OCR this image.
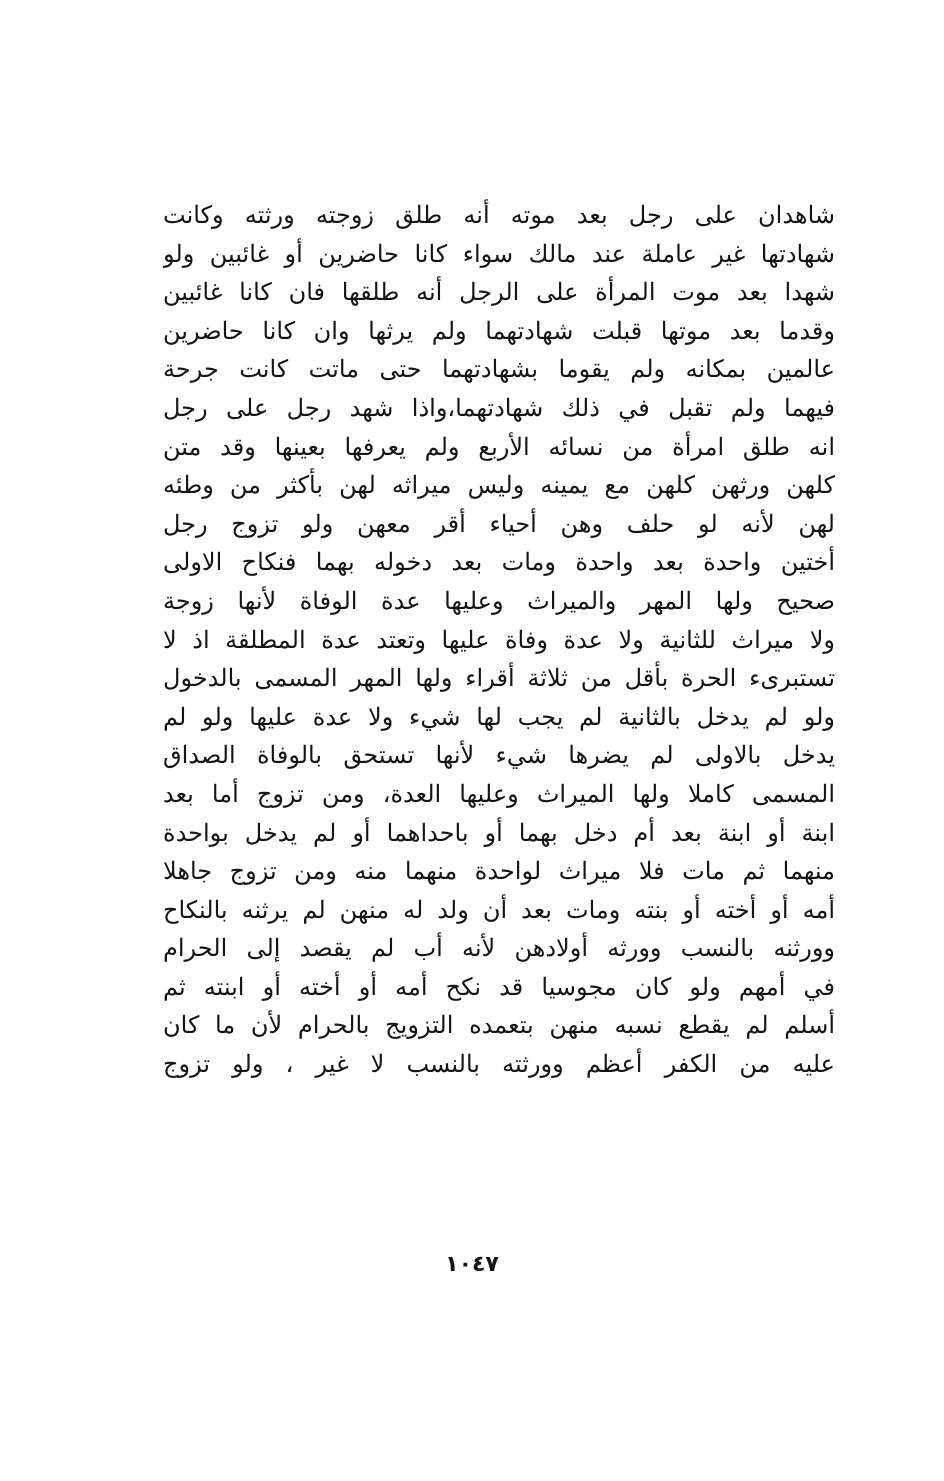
شاهدان على رجل بعد موته أنه طلق زوجته ورثته وكانت
شهادتها غير عاملة عند مالك سواء كانا حاضرين أو غائبين ولو
شهدا بعد موت المرأة على الرجل أنه طلقها فان كانا غائبين
وقدما بعد موتها قبلت شهادتهما ولم يرثها وان كانا حاضرين
عالمين بمكانه ولم يقوما بشهادتهما حتى ماتت كانت جرحة
فيهما ولم تقبل في ذلك شهادتهما،واذا شهد رجل على رجل
انه طلق امرأة من نسائه الأربع ولم يعرفها بعينها وقد متن
كلهن ورثهن كلهن مع يمينه وليس ميراثه لهن بأكثر من وطئه
لهن لأنه لو حلف وهن أحياء أقر معهن ولو تزوج رجل
أختين واحدة بعد واحدة ومات بعد دخوله بهما فنكاح الاولى
صحيح ولها المهر والميراث وعليها عدة الوفاة لأنها زوجة
ولا ميراث للثانية ولا عدة وفاة عليها وتعتد عدة المطلقة اذ لا
تستبرىء الحرة بأقل من ثلاثة أقراء ولها المهر المسمى بالدخول
ولو لم يدخل بالثانية لم يجب لها شيء ولا عدة عليها ولو لم
يدخل بالاولى لم يضرها شيء لأنها تستحق بالوفاة الصداق
المسمى كاملا ولها الميراث وعليها العدة، ومن تزوج أما بعد
ابنة أو ابنة بعد أم دخل بهما أو باحداهما أو لم يدخل بواحدة
منهما ثم مات فلا ميراث لواحدة منهما منه ومن تزوج جاهلا
أمه أو أخته أو بنته ومات بعد أن ولد له منهن لم يرثنه بالنكاح
وورثنه بالنسب وورثه أولادهن لأنه أب لم يقصد إلى الحرام
في أمهم ولو كان مجوسيا قد نكح أمه أو أخته أو ابنته ثم
أسلم لم يقطع نسبه منهن بتعمده التزويج بالحرام لأن ما كان
عليه من الكفر أعظم وورثته بالنسب لا غير ، ولو تزوج
١٠٤٧
